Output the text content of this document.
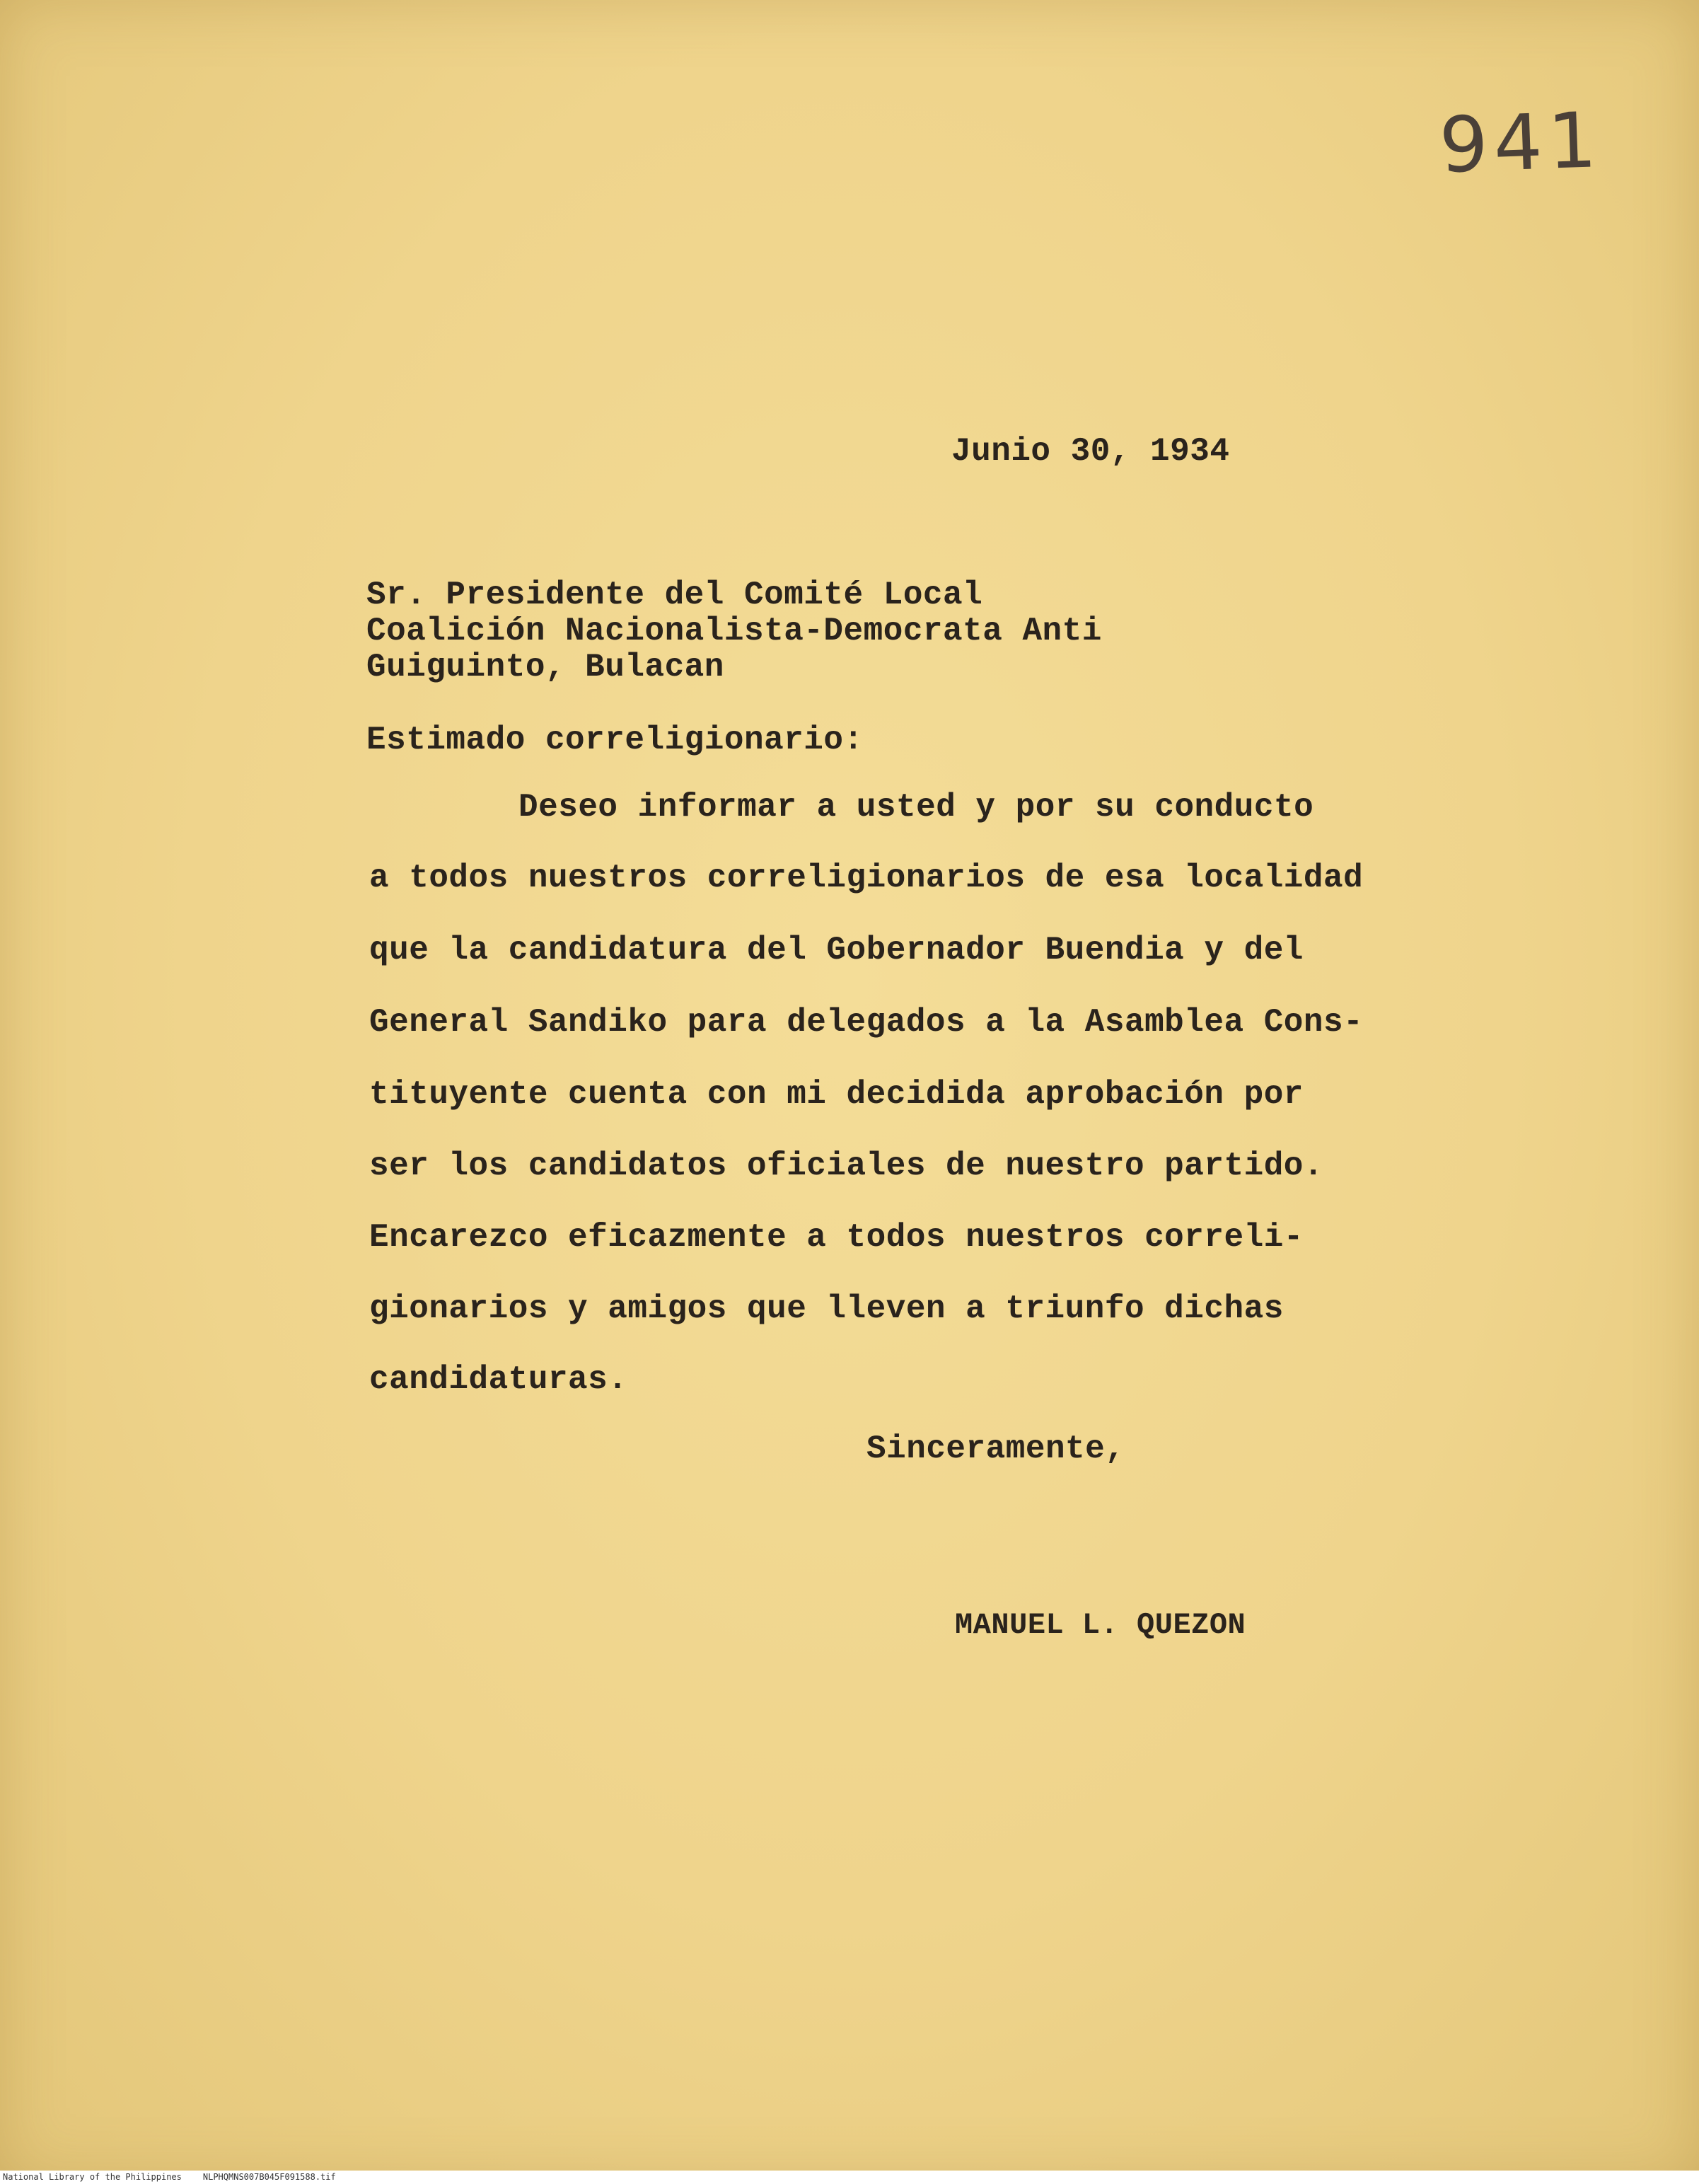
941
Junio 30, 1934
Sr. Presidente del Comité Local
Coalición Nacionalista-Democrata Anti
Guiguinto, Bulacan
Estimado correligionario:
Deseo informar a usted y por su conducto
a todos nuestros correligionarios de esa localidad
que la candidatura del Gobernador Buendia y del
General Sandiko para delegados a la Asamblea Cons-
tituyente cuenta con mi decidida aprobación por
ser los candidatos oficiales de nuestro partido.
Encarezco eficazmente a todos nuestros correli-
gionarios y amigos que lleven a triunfo dichas
candidaturas.
Sinceramente,
MANUEL L. QUEZON
National Library of the Philippines	NLPHQMNS007B045F091588.tif
